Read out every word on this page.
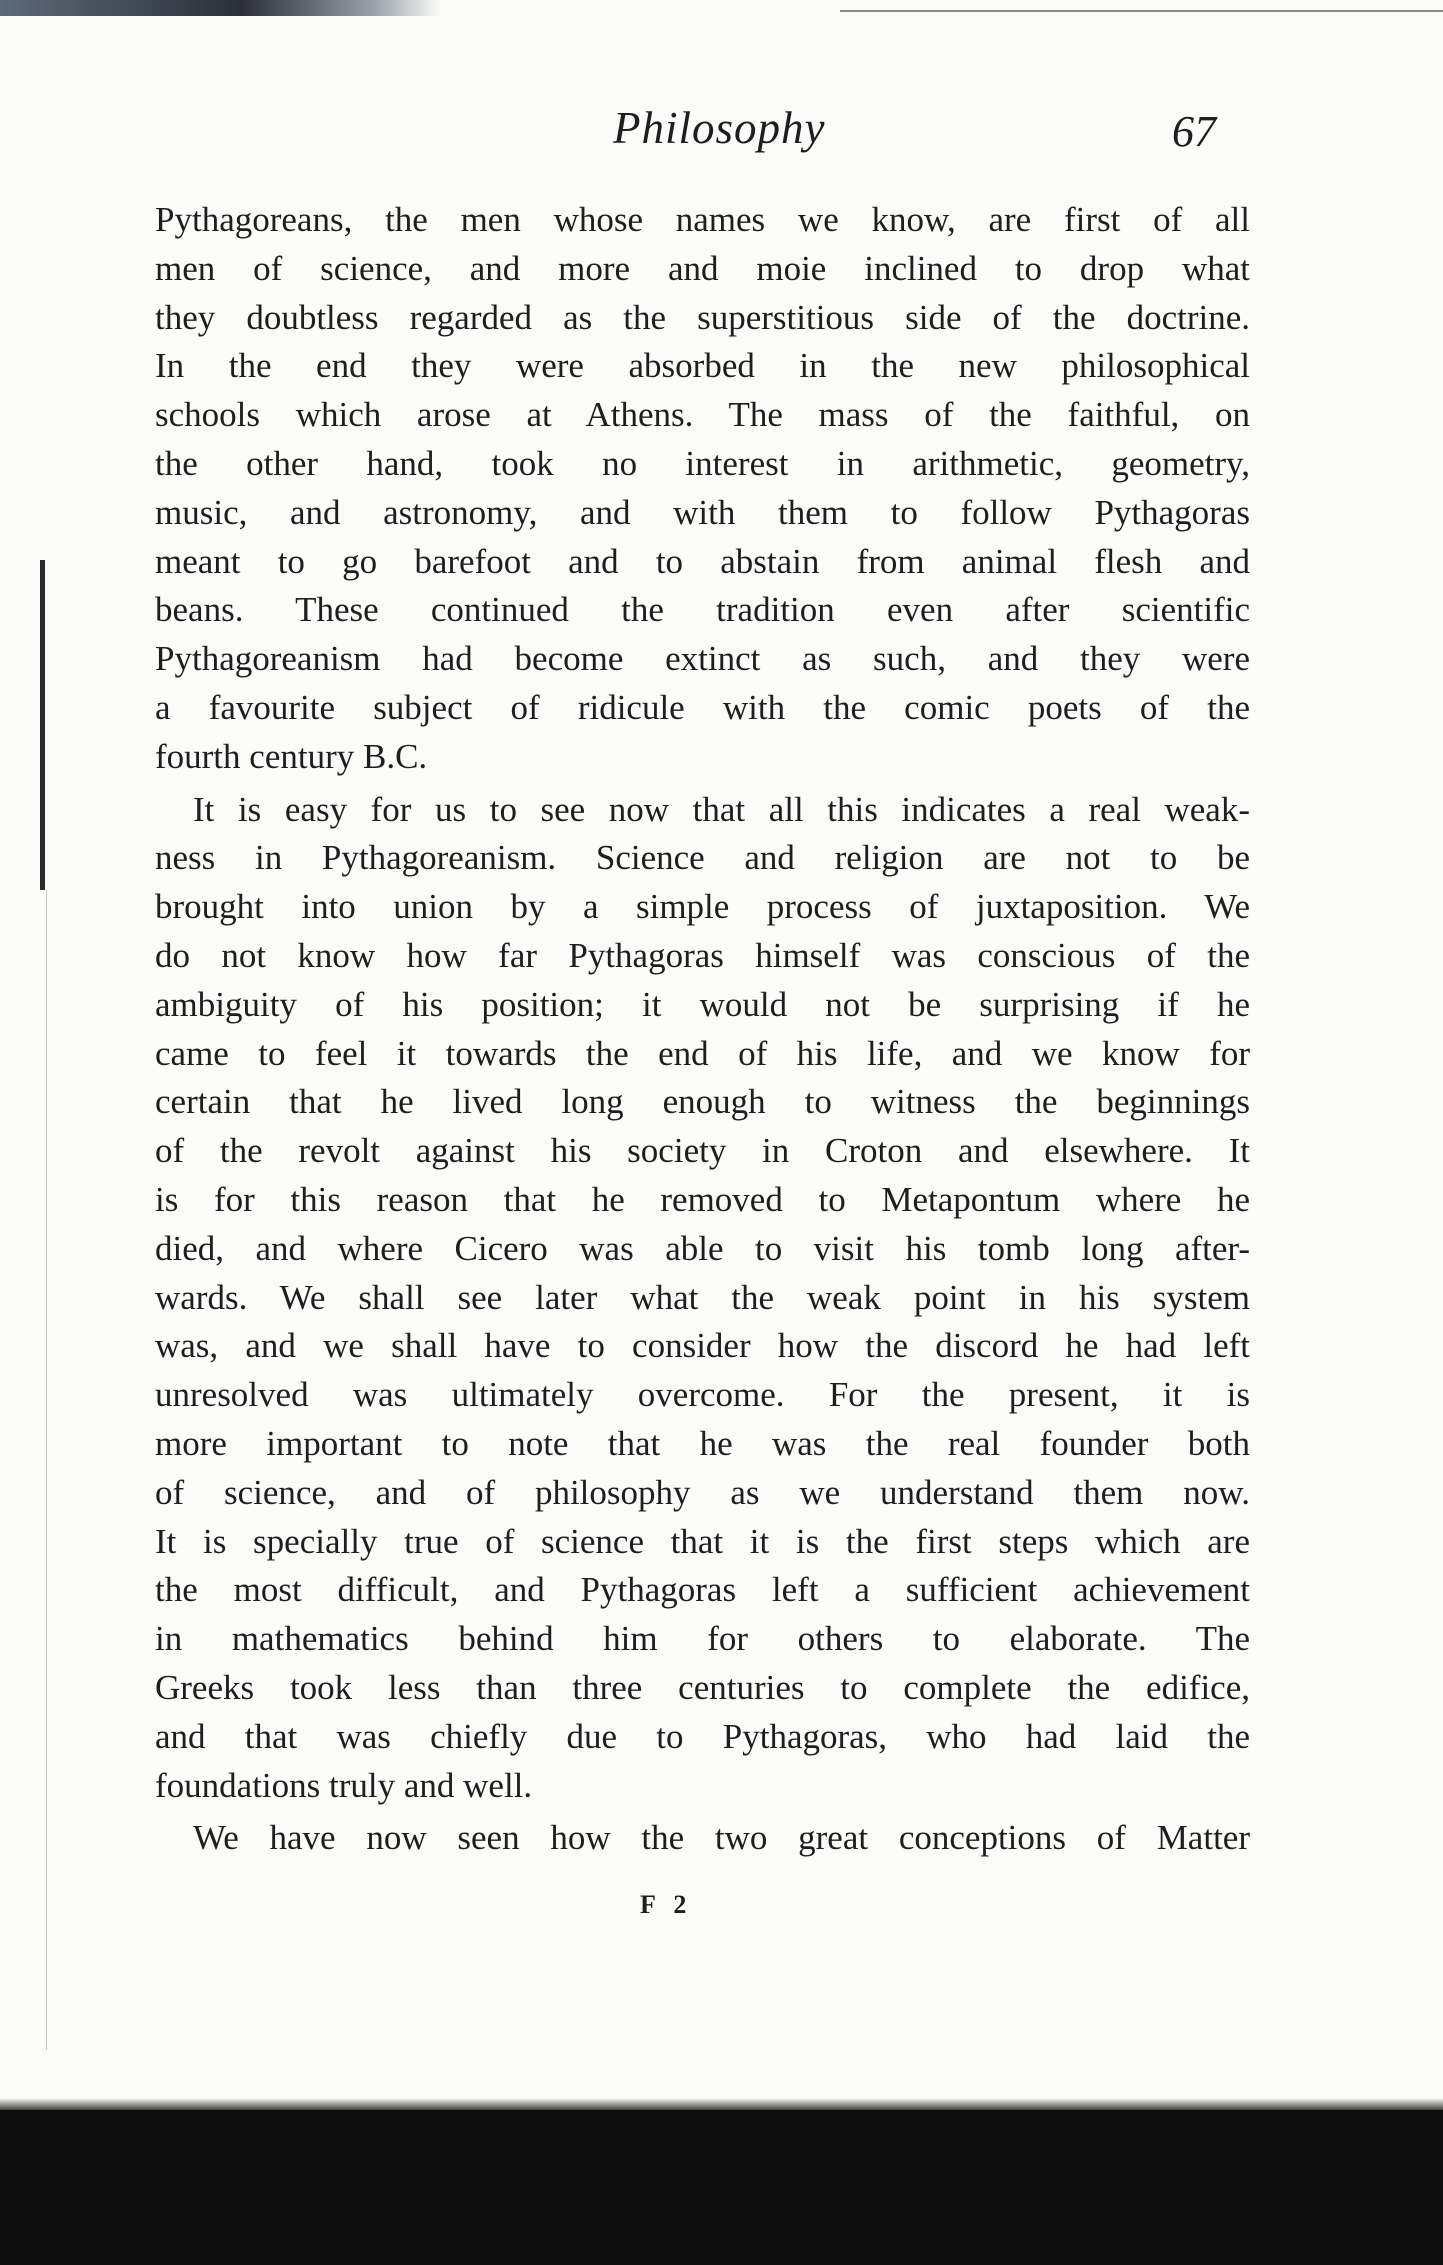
Philosophy	67
Pythagoreans, the men whose names we know, are first of all
men of science, and more and moie inclined to drop what
they doubtless regarded as the superstitious side of the doctrine.
In the end they were absorbed in the new philosophical
schools which arose at Athens. The mass of the faithful, on
the other hand, took no interest in arithmetic, geometry,
music, and astronomy, and with them to follow Pythagoras
meant to go barefoot and to abstain from animal flesh and
beans. These continued the tradition even after scientific
Pythagoreanism had become extinct as such, and they were
a favourite subject of ridicule with the comic poets of the
fourth century B.C.
It is easy for us to see now that all this indicates a real weak-
ness in Pythagoreanism. Science and religion are not to be
brought into union by a simple process of juxtaposition. We
do not know how far Pythagoras himself was conscious of the
ambiguity of his position; it would not be surprising if he
came to feel it towards the end of his life, and we know for
certain that he lived long enough to witness the beginnings
of the revolt against his society in Croton and elsewhere. It
is for this reason that he removed to Metapontum where he
died, and where Cicero was able to visit his tomb long after-
wards. We shall see later what the weak point in his system
was, and we shall have to consider how the discord he had left
unresolved was ultimately overcome. For the present, it is
more important to note that he was the real founder both
of science, and of philosophy as we understand them now.
It is specially true of science that it is the first steps which are
the most difficult, and Pythagoras left a sufficient achievement
in mathematics behind him for others to elaborate. The
Greeks took less than three centuries to complete the edifice,
and that was chiefly due to Pythagoras, who had laid the
foundations truly and well.
We have now seen how the two great conceptions of Matter
F 2
